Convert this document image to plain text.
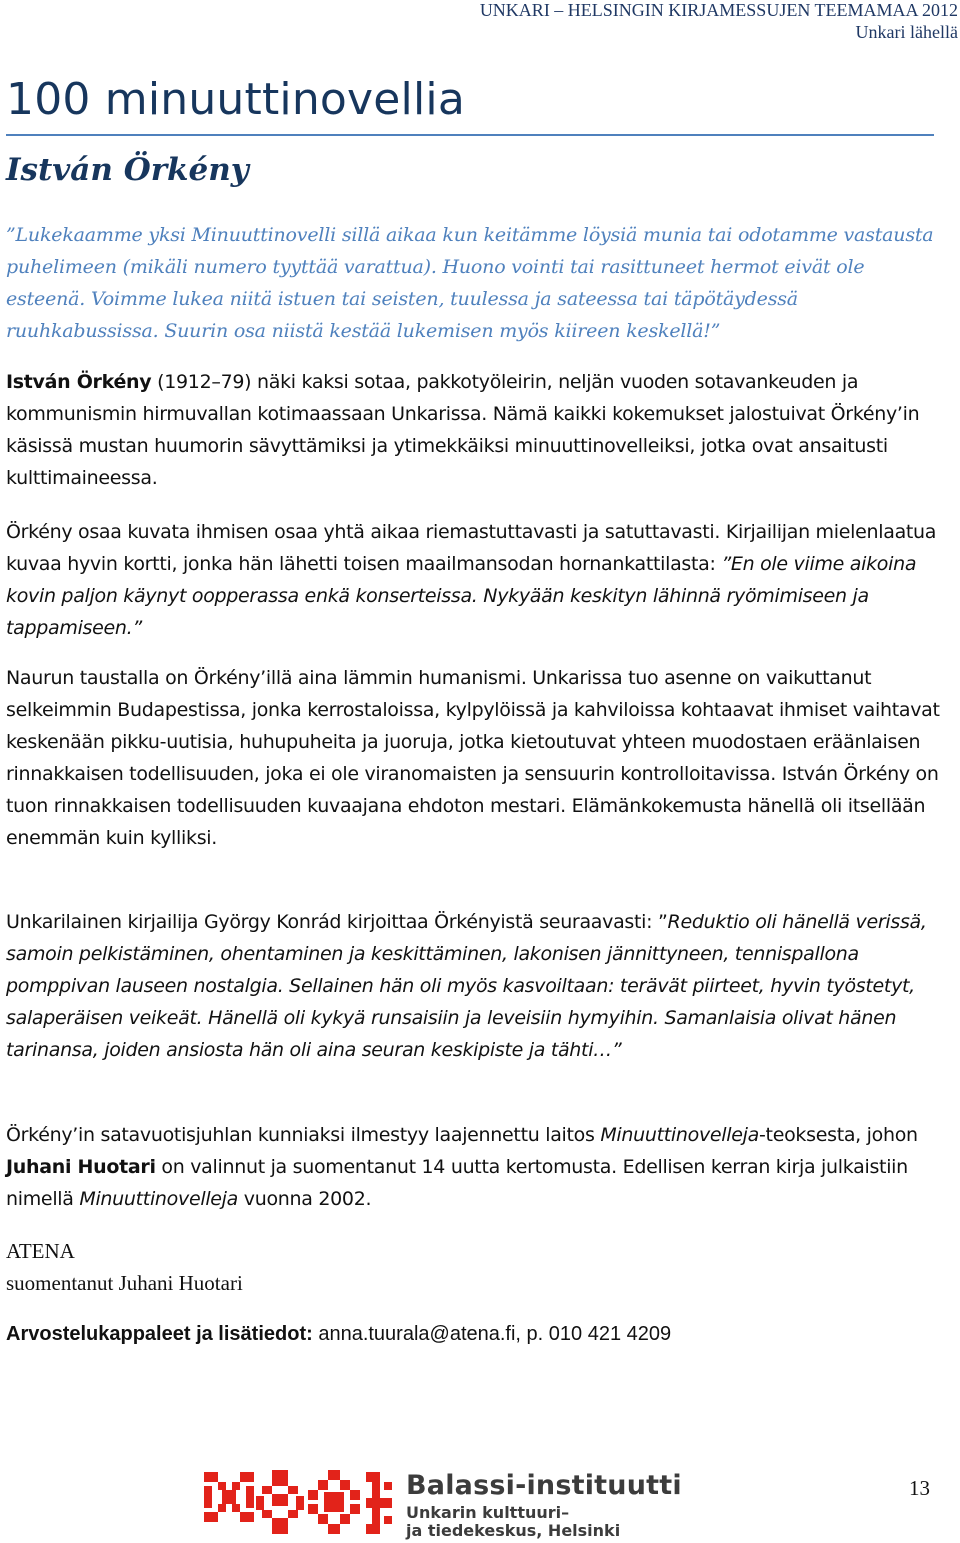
UNKARI – HELSINGIN KIRJAMESSUJEN TEEMAMAA 2012
Unkari lähellä
100 minuuttinovellia
István Örkény

”Lukekaamme yksi Minuuttinovelli sillä aikaa kun keitämme löysiä munia tai odotamme vastausta puhelimeen (mikäli numero tyyttää varattua). Huono vointi tai rasittuneet hermot eivät ole esteenä. Voimme lukea niitä istuen tai seisten, tuulessa ja sateessa tai täpötäydessä ruuhkabussissa. Suurin osa niistä kestää lukemisen myös kiireen keskellä!”

István Örkény (1912–79) näki kaksi sotaa, pakkotyöleirin, neljän vuoden sotavankeuden ja kommunismin hirmuvallan kotimaassaan Unkarissa. Nämä kaikki kokemukset jalostuivat Örkény’in käsissä mustan huumorin sävyttämiksi ja ytimekkäiksi minuuttinovelleiksi, jotka ovat ansaitusti kulttimaineessa.

Örkény osaa kuvata ihmisen osaa yhtä aikaa riemastuttavasti ja satuttavasti. Kirjailijan mielenlaatua kuvaa hyvin kortti, jonka hän lähetti toisen maailmansodan hornankattilasta: ”En ole viime aikoina kovin paljon käynyt oopperassa enkä konserteissa. Nykyään keskityn lähinnä ryömimiseen ja tappamiseen.”

Naurun taustalla on Örkény’illä aina lämmin humanismi. Unkarissa tuo asenne on vaikuttanut selkeimmin Budapestissa, jonka kerrostaloissa, kylpylöissä ja kahviloissa kohtaavat ihmiset vaihtavat keskenään pikku-uutisia, huhupuheita ja juoruja, jotka kietoutuvat yhteen muodostaen eräänlaisen rinnakkaisen todellisuuden, joka ei ole viranomaisten ja sensuurin kontrolloitavissa. István Örkény on tuon rinnakkaisen todellisuuden kuvaajana ehdoton mestari. Elämänkokemusta hänellä oli itsellään enemmän kuin kylliksi.

Unkarilainen kirjailija György Konrád kirjoittaa Örkényistä seuraavasti: ”Reduktio oli hänellä verissä, samoin pelkistäminen, ohentaminen ja keskittäminen, lakonisen jännittyneen, tennispallona pomppivan lauseen nostalgia. Sellainen hän oli myös kasvoiltaan: terävät piirteet, hyvin työstetyt, salaperäisen veikeät. Hänellä oli kykyä runsaisiin ja leveisiin hymyihin. Samanlaisia olivat hänen tarinansa, joiden ansiosta hän oli aina seuran keskipiste ja tähti…”

Örkény’in satavuotisjuhlan kunniaksi ilmestyy laajennettu laitos Minuuttinovelleja-teoksesta, johon Juhani Huotari on valinnut ja suomentanut 14 uutta kertomusta. Edellisen kerran kirja julkaistiin nimellä Minuuttinovelleja vuonna 2002.

ATENA
suomentanut Juhani Huotari

Arvostelukappaleet ja lisätiedot: anna.tuurala@atena.fi, p. 010 421 4209

Balassi-instituutti
Unkarin kulttuuri–
ja tiedekeskus, Helsinki
13
